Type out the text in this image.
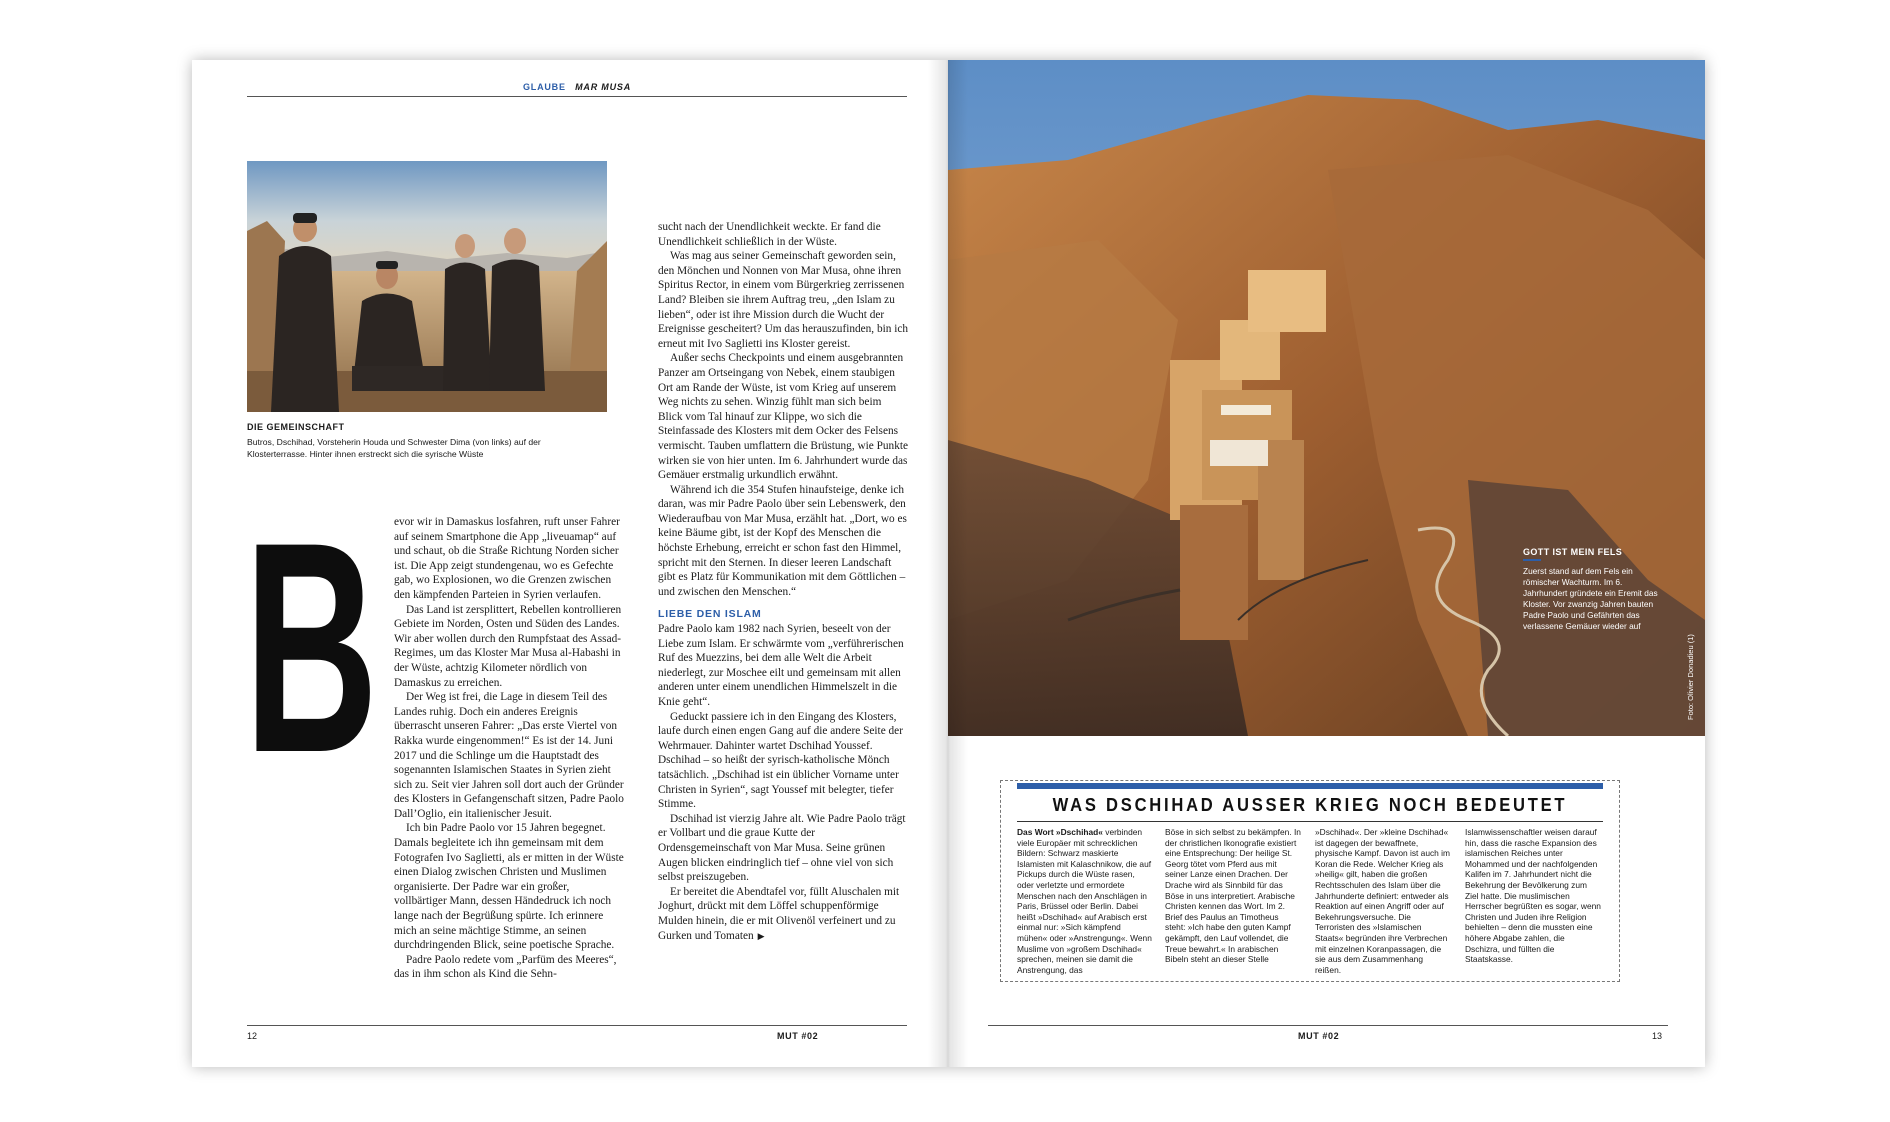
GLAUBE MAR MUSA
DIE GEMEINSCHAFT
Butros, Dschihad, Vorsteherin Houda und Schwester Dima (von links) auf der Klosterterrasse. Hinter ihnen erstreckt sich die syrische Wüste
B evor wir in Damaskus losfahren, ruft unser Fahrer auf seinem Smartphone die App „liveuamap“ auf und schaut, ob die Straße Richtung Norden sicher ist. Die App zeigt stundengenau, wo es Gefechte gab, wo Explosionen, wo die Grenzen zwischen den kämpfenden Parteien in Syrien verlaufen.

Das Land ist zersplittert, Rebellen kontrollieren Gebiete im Norden, Osten und Süden des Landes. Wir aber wollen durch den Rumpfstaat des Assad-Regimes, um das Kloster Mar Musa al-Habashi in der Wüste, achtzig Kilometer nördlich von Damaskus zu erreichen.

Der Weg ist frei, die Lage in diesem Teil des Landes ruhig. Doch ein anderes Ereignis überrascht unseren Fahrer: „Das erste Viertel von Rakka wurde eingenommen!“ Es ist der 14. Juni 2017 und die Schlinge um die Hauptstadt des sogenannten Islamischen Staates in Syrien zieht sich zu. Seit vier Jahren soll dort auch der Gründer des Klosters in Gefangenschaft sitzen, Padre Paolo Dall’Oglio, ein italienischer Jesuit.

Ich bin Padre Paolo vor 15 Jahren begegnet. Damals begleitete ich ihn gemeinsam mit dem Fotografen Ivo Saglietti, als er mitten in der Wüste einen Dialog zwischen Christen und Muslimen organisierte. Der Padre war ein großer, vollbärtiger Mann, dessen Händedruck ich noch lange nach der Begrüßung spürte. Ich erinnere mich an seine mächtige Stimme, an seinen durchdringenden Blick, seine poetische Sprache.

Padre Paolo redete vom „Parfüm des Meeres“, das in ihm schon als Kind die Sehn-

sucht nach der Unendlichkeit weckte. Er fand die Unendlichkeit schließlich in der Wüste.

Was mag aus seiner Gemeinschaft geworden sein, den Mönchen und Nonnen von Mar Musa, ohne ihren Spiritus Rector, in einem vom Bürgerkrieg zerrissenen Land? Bleiben sie ihrem Auftrag treu, „den Islam zu lieben“, oder ist ihre Mission durch die Wucht der Ereignisse gescheitert? Um das herauszufinden, bin ich erneut mit Ivo Saglietti ins Kloster gereist.

Außer sechs Checkpoints und einem ausgebrannten Panzer am Ortseingang von Nebek, einem staubigen Ort am Rande der Wüste, ist vom Krieg auf unserem Weg nichts zu sehen. Winzig fühlt man sich beim Blick vom Tal hinauf zur Klippe, wo sich die Steinfassade des Klosters mit dem Ocker des Felsens vermischt. Tauben umflattern die Brüstung, wie Punkte wirken sie von hier unten. Im 6. Jahrhundert wurde das Gemäuer erstmalig urkundlich erwähnt.

Während ich die 354 Stufen hinaufsteige, denke ich daran, was mir Padre Paolo über sein Lebenswerk, den Wiederaufbau von Mar Musa, erzählt hat. „Dort, wo es keine Bäume gibt, ist der Kopf des Menschen die höchste Erhebung, erreicht er schon fast den Himmel, spricht mit den Sternen. In dieser leeren Landschaft gibt es Platz für Kommunikation mit dem Göttlichen – und zwischen den Menschen.“

LIEBE DEN ISLAM

Padre Paolo kam 1982 nach Syrien, beseelt von der Liebe zum Islam. Er schwärmte vom „verführerischen Ruf des Muezzins, bei dem alle Welt die Arbeit niederlegt, zur Moschee eilt und gemeinsam mit allen anderen unter einem unendlichen Himmelszelt in die Knie geht“.

Geduckt passiere ich in den Eingang des Klosters, laufe durch einen engen Gang auf die andere Seite der Wehrmauer. Dahinter wartet Dschihad Youssef. Dschihad – so heißt der syrisch-katholische Mönch tatsächlich. „Dschihad ist ein üblicher Vorname unter Christen in Syrien“, sagt Youssef mit belegter, tiefer Stimme.

Dschihad ist vierzig Jahre alt. Wie Padre Paolo trägt er Vollbart und die graue Kutte der Ordensgemeinschaft von Mar Musa. Seine grünen Augen blicken eindringlich tief – ohne viel von sich selbst preiszugeben.

Er bereitet die Abendtafel vor, füllt Aluschalen mit Joghurt, drückt mit dem Löffel schuppenförmige Mulden hinein, die er mit Olivenöl verfeinert und zu Gurken und Tomaten ▶

12	MUT #02
GOTT IST MEIN FELS
Zuerst stand auf dem Fels ein römischer Wachturm. Im 6. Jahrhundert gründete ein Eremit das Kloster. Vor zwanzig Jahren bauten Padre Paolo und Gefährten das verlassene Gemäuer wieder auf
Foto: Olivier Donadieu (1)
WAS DSCHIHAD AUSSER KRIEG NOCH BEDEUTET

Das Wort »Dschihad« verbinden viele Europäer mit schrecklichen Bildern: Schwarz maskierte Islamisten mit Kalaschnikow, die auf Pickups durch die Wüste rasen, oder verletzte und ermordete Menschen nach den Anschlägen in Paris, Brüssel oder Berlin. Dabei heißt »Dschihad« auf Arabisch erst einmal nur: »Sich kämpfend mühen« oder »Anstrengung«. Wenn Muslime von »großem Dschihad« sprechen, meinen sie damit die Anstrengung, das

Böse in sich selbst zu bekämpfen. In der christlichen Ikonografie existiert eine Entsprechung: Der heilige St. Georg tötet vom Pferd aus mit seiner Lanze einen Drachen. Der Drache wird als Sinnbild für das Böse in uns interpretiert. Arabische Christen kennen das Wort. Im 2. Brief des Paulus an Timotheus steht: »Ich habe den guten Kampf gekämpft, den Lauf vollendet, die Treue bewahrt.« In arabischen Bibeln steht an dieser Stelle

»Dschihad«. Der »kleine Dschihad« ist dagegen der bewaffnete, physische Kampf. Davon ist auch im Koran die Rede. Welcher Krieg als »heilig« gilt, haben die großen Rechtsschulen des Islam über die Jahrhunderte definiert: entweder als Reaktion auf einen Angriff oder auf Bekehrungsversuche. Die Terroristen des »Islamischen Staats« begründen ihre Verbrechen mit einzelnen Koranpassagen, die sie aus dem Zusammenhang reißen.

Islamwissenschaftler weisen darauf hin, dass die rasche Expansion des islamischen Reiches unter Mohammed und der nachfolgenden Kalifen im 7. Jahrhundert nicht die Bekehrung der Bevölkerung zum Ziel hatte. Die muslimischen Herrscher begrüßten es sogar, wenn Christen und Juden ihre Religion behielten – denn die mussten eine höhere Abgabe zahlen, die Dschizra, und füllten die Staatskasse.

MUT #02	13
